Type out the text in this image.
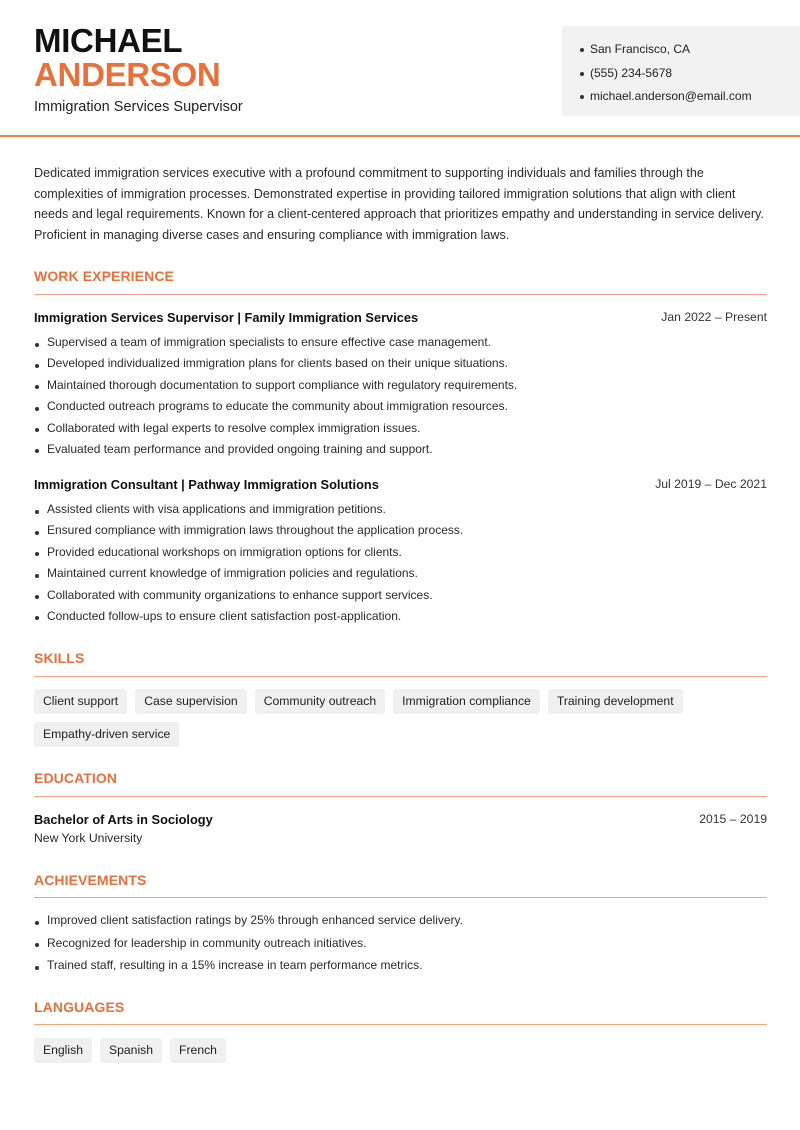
MICHAEL
ANDERSON
Immigration Services Supervisor
San Francisco, CA
(555) 234-5678
michael.anderson@email.com
Dedicated immigration services executive with a profound commitment to supporting individuals and families through the complexities of immigration processes. Demonstrated expertise in providing tailored immigration solutions that align with client needs and legal requirements. Known for a client-centered approach that prioritizes empathy and understanding in service delivery. Proficient in managing diverse cases and ensuring compliance with immigration laws.
WORK EXPERIENCE
Immigration Services Supervisor | Family Immigration Services	Jan 2022 – Present
Supervised a team of immigration specialists to ensure effective case management.
Developed individualized immigration plans for clients based on their unique situations.
Maintained thorough documentation to support compliance with regulatory requirements.
Conducted outreach programs to educate the community about immigration resources.
Collaborated with legal experts to resolve complex immigration issues.
Evaluated team performance and provided ongoing training and support.
Immigration Consultant | Pathway Immigration Solutions	Jul 2019 – Dec 2021
Assisted clients with visa applications and immigration petitions.
Ensured compliance with immigration laws throughout the application process.
Provided educational workshops on immigration options for clients.
Maintained current knowledge of immigration policies and regulations.
Collaborated with community organizations to enhance support services.
Conducted follow-ups to ensure client satisfaction post-application.
SKILLS
Client support	Case supervision	Community outreach	Immigration compliance	Training development
Empathy-driven service
EDUCATION
Bachelor of Arts in Sociology	2015 – 2019
New York University
ACHIEVEMENTS
Improved client satisfaction ratings by 25% through enhanced service delivery.
Recognized for leadership in community outreach initiatives.
Trained staff, resulting in a 15% increase in team performance metrics.
LANGUAGES
English	Spanish	French
